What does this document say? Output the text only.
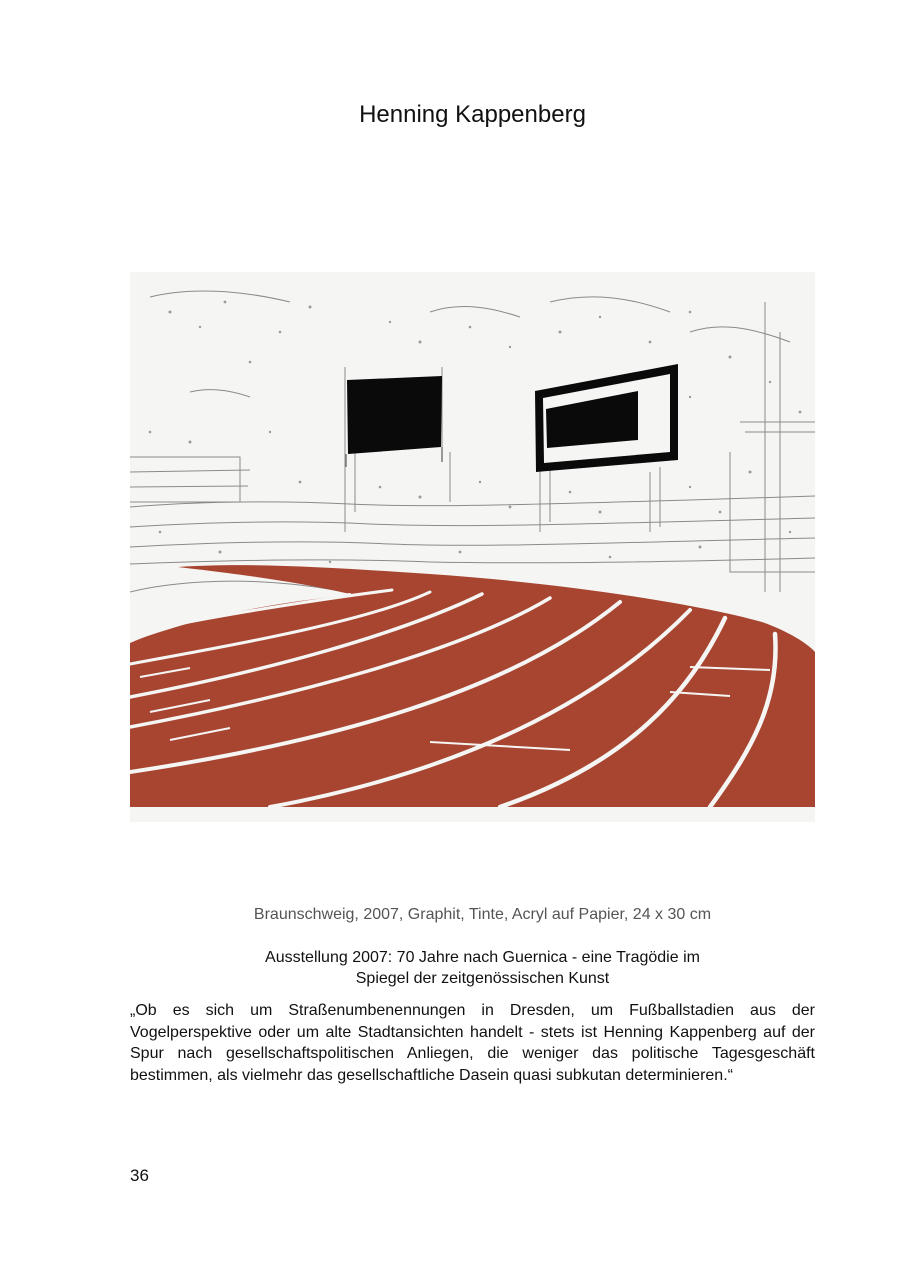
Henning Kappenberg
Braunschweig, 2007, Graphit, Tinte, Acryl auf Papier, 24 x 30 cm
Ausstellung 2007: 70 Jahre nach Guernica - eine Tragödie im
Spiegel der zeitgenössischen Kunst

„Ob es sich um Straßenumbenennungen in Dresden, um Fußballstadien aus der Vogelperspektive oder um alte Stadtansichten handelt - stets ist Henning Kappenberg auf der Spur nach gesellschaftspolitischen Anliegen, die weniger das politische Tagesgeschäft bestimmen, als vielmehr das gesellschaftliche Dasein quasi subkutan determinieren.“

36
